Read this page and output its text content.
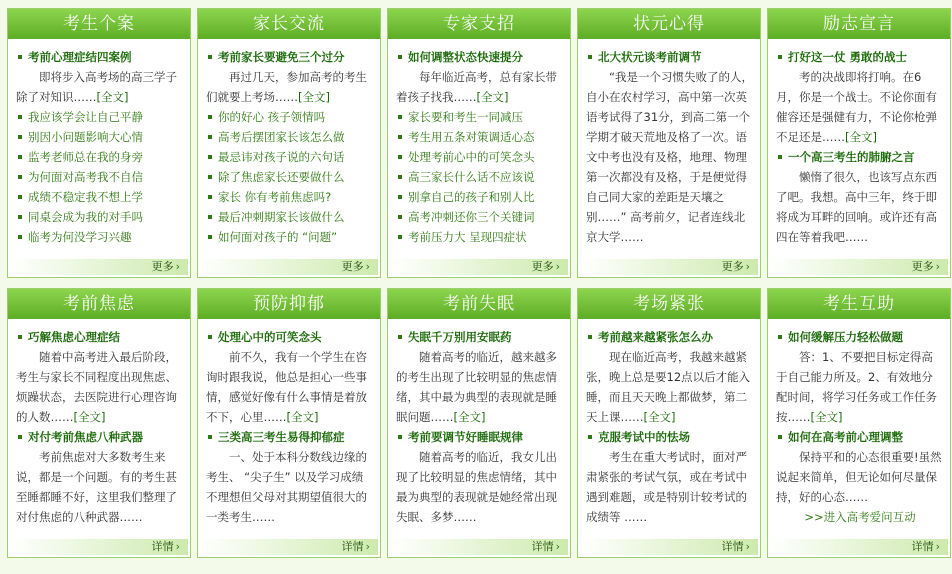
考生个案
考前心理症结四案例
即将步入高考场的高三学子除了对知识……[全文]
我应该学会让自己平静
别因小问题影响大心情
监考老师总在我的身旁
为何面对高考我不自信
成绩不稳定我不想上学
同桌会成为我的对手吗
临考为何没学习兴趣
更多 ›
家长交流
考前家长要避免三个过分
再过几天，参加高考的考生们就要上考场……[全文]
你的好心 孩子领情吗
高考后摆团家长该怎么做
最忌讳对孩子说的六句话
除了焦虑家长还要做什么
家长 你有考前焦虑吗?
最后冲刺期家长该做什么
如何面对孩子的 “问题”
更多 ›
专家支招
如何调整状态快速提分
每年临近高考，总有家长带着孩子找我……[全文]
家长要和考生一同减压
考生用五条对策调适心态
处理考前心中的可笑念头
高三家长什么话不应该说
别拿自己的孩子和别人比
高考冲刺还你三个关键词
考前压力大 呈现四症状
更多 ›
状元心得
北大状元谈考前调节
“我是一个习惯失败了的人，自小在农村学习，高中第一次英语考试得了31分，到高二第一个学期才破天荒地及格了一次。语文中考也没有及格，地理、物理第一次都没有及格，于是便觉得自己同大家的差距是天壤之别……” 高考前夕，记者连线北京大学……
更多 ›
励志宣言
打好这一仗 勇敢的战士
考的决战即将打响。在6月，你是一个战士。不论你面有催容还是强健有力，不论你枪弹不足还是……[全文]
一个高三考生的肺腑之言
懒惰了很久，也该写点东西了吧。我想。高中三年，终于即将成为耳畔的回响。或许还有高四在等着我吧……
更多 ›
考前焦虑
巧解焦虑心理症结
随着中高考进入最后阶段，考生与家长不同程度出现焦虑、烦躁状态，去医院进行心理咨询的人数……[全文]
对付考前焦虑八种武器
考前焦虑对大多数考生来说，都是一个问题。有的考生甚至睡都睡不好，这里我们整理了对付焦虑的八种武器……
详情 ›
预防抑郁
处理心中的可笑念头
前不久，我有一个学生在咨询时跟我说，他总是担心一些事情，感觉好像有什么事情是着放不下，心里……[全文]
三类高三考生易得抑郁症
一、处于本科分数线边缘的考生、 “尖子生” 以及学习成绩不理想但父母对其期望值很大的一类考生……
详情 ›
考前失眠
失眠千万别用安眠药
随着高考的临近，越来越多的考生出现了比较明显的焦虑情绪，其中最为典型的表现就是睡眠问题……[全文]
考前要调节好睡眠规律
随着高考的临近，我女儿出现了比较明显的焦虑情绪，其中最为典型的表现就是她经常出现失眠、多梦……
详情 ›
考场紧张
考前越来越紧张怎么办
现在临近高考，我越来越紧张，晚上总是要12点以后才能入睡，而且天天晚上都做梦，第二天上课……[全文]
克服考试中的怯场
考生在重大考试时，面对严肃紧张的考试气氛，或在考试中遇到难题，或是特别计较考试的成绩等 ……
详情 ›
考生互助
如何缓解压力轻松做题
答：1、不要把目标定得高于自己能力所及。2、有效地分配时间，将学习任务或工作任务按……[全文]
如何在高考前心理调整
保持平和的心态很重要!虽然说起来简单，但无论如何尽量保持，好的心态……
>>进入高考爱问互动
详情 ›
